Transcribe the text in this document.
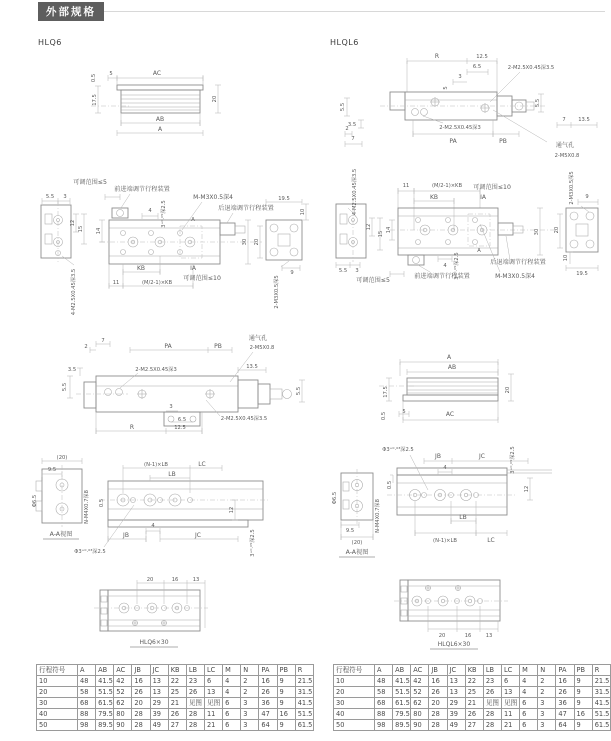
外部规格
HLQ6	HLQL6
AC
5
0.5
17.5	20
AB
A
5.5 3
12
15
可调范围≤5
前进端调节行程装置
M-M3X0.5深4
后退端调节行程装置
3⁺⁰·⁰⁵深2.5
4
14
30
KB	IA
可调范围≤10
11	(M/2-1)×KB
A
19.5
10
20
9
2-M3X0.5深5
4-M2.5X0.45深3.5
7
2	PA	PB
通气孔
2-M5X0.8
3.5
5.5
2-M2.5X0.45深3	13.5
5.5
3
6.5	2-M2.5X0.45深3.5
R	12.5
(20)
9.5
Φ6.5	N-M4X0.7深8
A-A视图
(N-1)×LB	LC
LB
0.5
12
4
JB	JC
Φ3⁺⁰·⁰³深2.5	3⁺⁰·⁰⁵深2.5
20	16	13
HLQ6×30
R	12.5
6.5
3
5
2-M2.5X0.45深3.5
5.5
3.5
2
7
2-M2.5X0.45深3
PA	PB
7 13.5
通气孔
2-M5X0.8
5.5
11	(M/2-1)×KB 可调范围≤10
KB	IA
12
15
14
4-M2.5X0.45深3.5
30
3⁺⁰·⁰⁵深2.5
4
A
后退端调节行程装置
前进端调节行程装置
可调范围≤5
M-M3X0.5深4
5.5 3
9
2-M3X0.5深5
20
10
19.5
A
AB
17.5	20
0.5	5	AC
Φ3⁺⁰·⁰³深2.5
JB	JC
4	3⁺⁰·⁰⁵深2.5
12
0.5
LB
(N-1)×LB	LC
Φ6.5
9.5
(20)
N-M4X0.7深8
A-A视图
20	16	13
HLQL6×30
行程符号	A	AB	AC	JB	JC	KB	LB	LC	M	N	PA	PB	R
10	48	41.5	42	16	13	22	23	6	4	2	16	9	21.5
20	58	51.5	52	26	13	25	26	13	4	2	26	9	31.5
30	68	61.5	62	20	29	21	见图	见图	6	3	36	9	41.5
40	88	79.5	80	28	39	26	28	11	6	3	47	16	51.5
50	98	89.5	90	28	49	27	28	21	6	3	64	9	61.5
行程符号	A	AB	AC	JB	JC	KB	LB	LC	M	N	PA	PB	R
10	48	41.5	42	16	13	22	23	6	4	2	16	9	21.5
20	58	51.5	52	26	13	25	26	13	4	2	26	9	31.5
30	68	61.5	62	20	29	21	见图	见图	6	3	36	9	41.5
40	88	79.5	80	28	39	26	28	11	6	3	47	16	51.5
50	98	89.5	90	28	49	27	28	21	6	3	64	9	61.5
